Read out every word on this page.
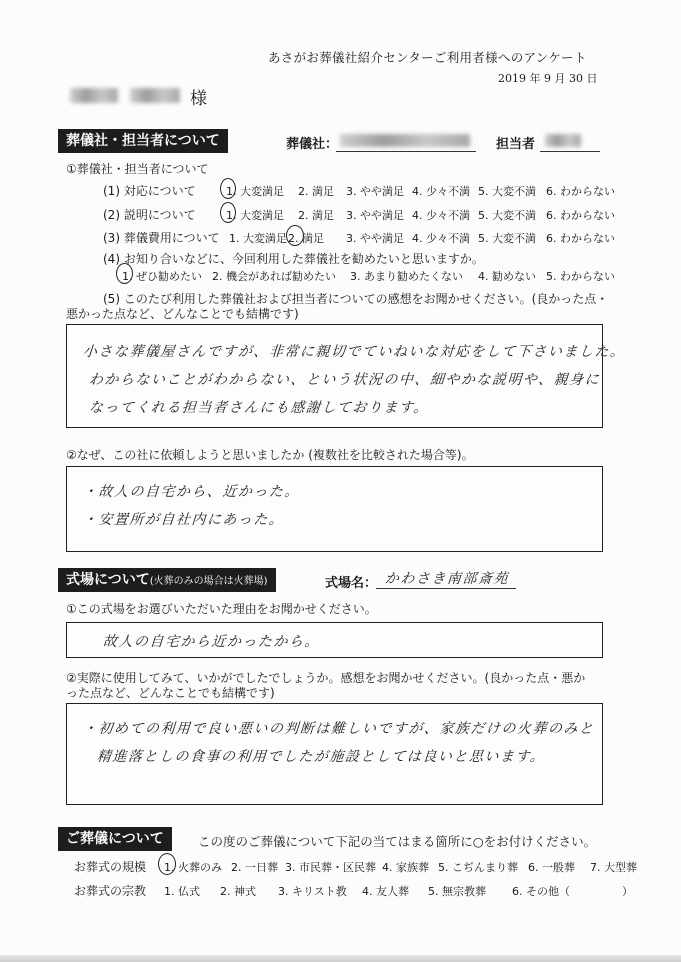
あさがお葬儀社紹介センターご利用者様へのアンケート
2019 年 9 月 30 日
様
葬儀社・担当者について	葬儀社：	担当者
①葬儀社・担当者について
(1) 対応について	1. 大変満足 2. 満足 3. やや満足 4. 少々不満 5. 大変不満 6. わからない
(2) 説明について	1. 大変満足 2. 満足 3. やや満足 4. 少々不満 5. 大変不満 6. わからない
(3) 葬儀費用について 1. 大変満足 2. 満足 3. やや満足 4. 少々不満 5. 大変不満 6. わからない
(4) お知り合いなどに、今回利用した葬儀社を勧めたいと思いますか。
1. ぜひ勧めたい 2. 機会があれば勧めたい 3. あまり勧めたくない 4. 勧めない 5. わからない
(5) このたび利用した葬儀社および担当者についての感想をお聞かせください。(良かった点・
悪かった点など、どんなことでも結構です)
小さな葬儀屋さんですが、非常に親切でていねいな対応をして下さいました。
わからないことがわからない、という状況の中、細やかな説明や、親身に
なってくれる担当者さんにも感謝しております。
②なぜ、この社に依頼しようと思いましたか (複数社を比較された場合等)。
・故人の自宅から、近かった。
・安置所が自社内にあった。
式場について(火葬のみの場合は火葬場)	式場名： かわさき南部斎苑
①この式場をお選びいただいた理由をお聞かせください。
故人の自宅から近かったから。
②実際に使用してみて、いかがでしたでしょうか。感想をお聞かせください。(良かった点・悪か
った点など、どんなことでも結構です)
・初めての利用で良い悪いの判断は難しいですが、家族だけの火葬のみと
精進落としの食事の利用でしたが施設としては良いと思います。
ご葬儀について	この度のご葬儀について下記の当てはまる箇所に○をお付けください。
お葬式の規模 1. 火葬のみ 2. 一日葬 3. 市民葬・区民葬 4. 家族葬 5. こぢんまり葬 6. 一般葬 7. 大型葬
お葬式の宗教 1. 仏式 2. 神式 3. キリスト教 4. 友人葬 5. 無宗教葬 6. その他（	）
